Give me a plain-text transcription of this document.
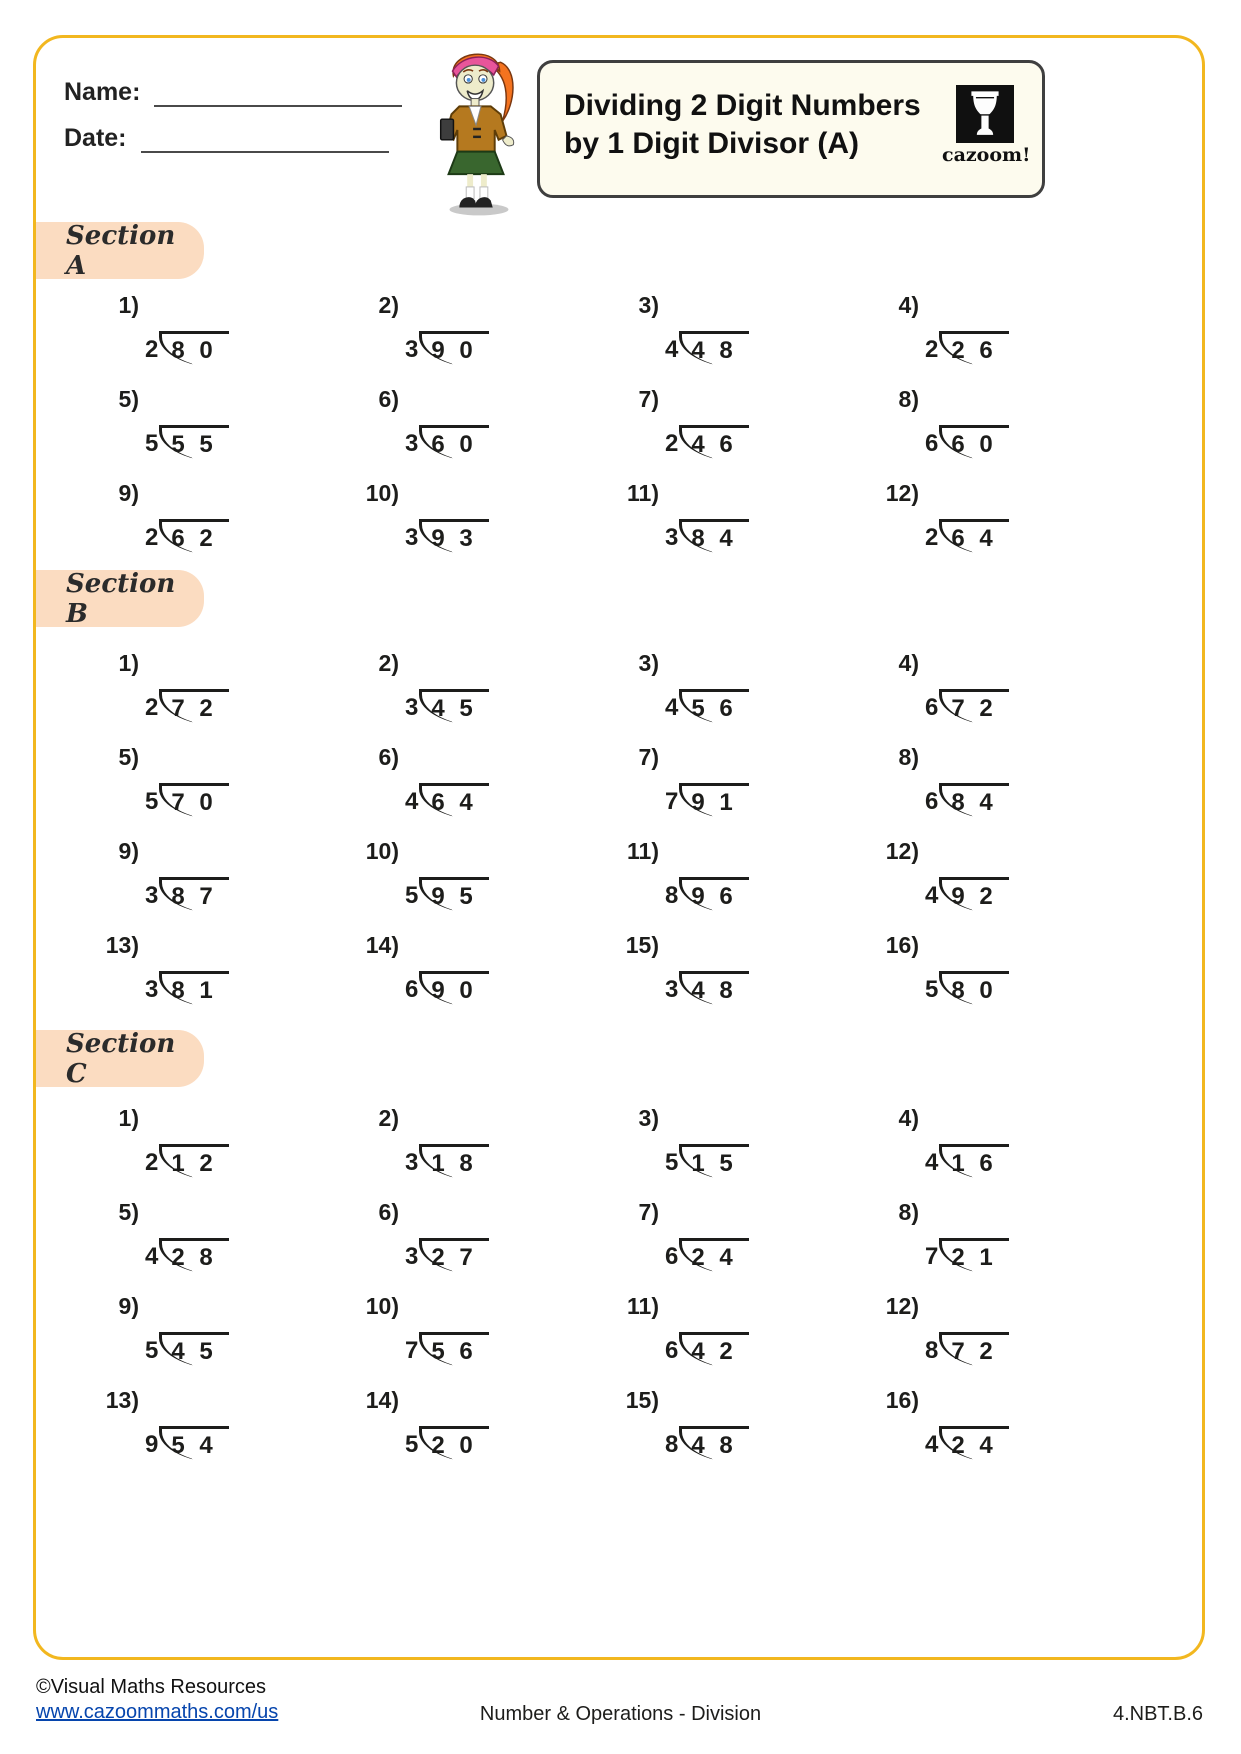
Name:
Date:
Dividing 2 Digit Numbers
by 1 Digit Divisor (A)	cazoom!
Section A
1)
2 8 0
2)
3 9 0
3)
4 4 8
4)
2 2 6
5)
5 5 5
6)
3 6 0
7)
2 4 6
8)
6 6 0
9)
2 6 2
10)
3 9 3
11)
3 8 4
12)
2 6 4
Section B
1)
2 7 2
2)
3 4 5
3)
4 5 6
4)
6 7 2
5)
5 7 0
6)
4 6 4
7)
7 9 1
8)
6 8 4
9)
3 8 7
10)
5 9 5
11)
8 9 6
12)
4 9 2
13)
3 8 1
14)
6 9 0
15)
3 4 8
16)
5 8 0
Section C
1)
2 1 2
2)
3 1 8
3)
5 1 5
4)
4 1 6
5)
4 2 8
6)
3 2 7
7)
6 2 4
8)
7 2 1
9)
5 4 5
10)
7 5 6
11)
6 4 2
12)
8 7 2
13)
9 5 4
14)
5 2 0
15)
8 4 8
16)
4 2 4
©Visual Maths Resources
www.cazoommaths.com/us	Number & Operations - Division	4.NBT.B.6
